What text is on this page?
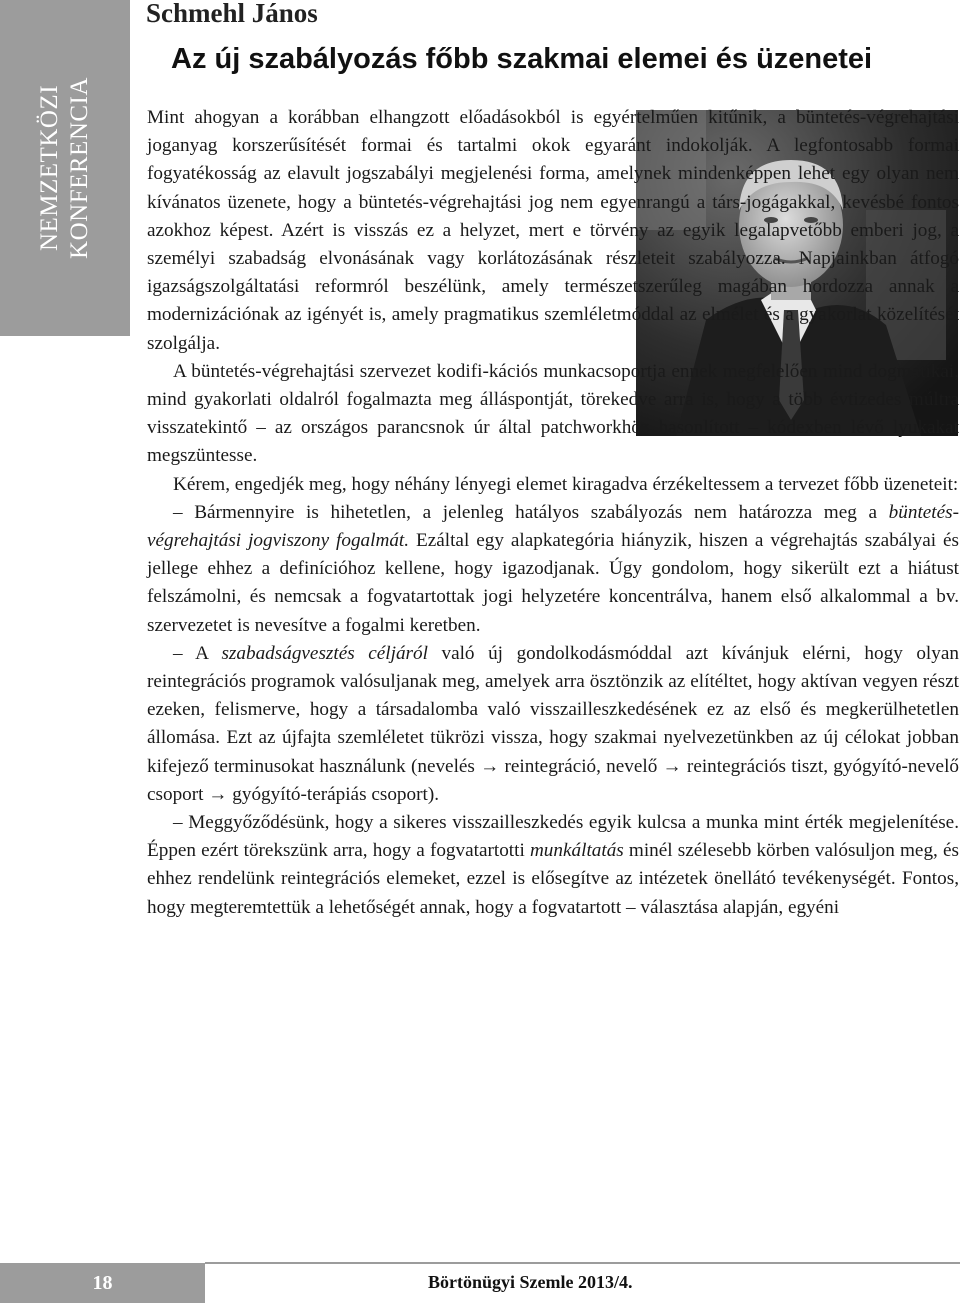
NEMZETKÖZI KONFERENCIA
Schmehl János
Az új szabályozás főbb szakmai elemei és üzenetei

Mint ahogyan a korábban elhangzott előadásokból is egyértelműen kitűnik, a büntetés-végrehajtási joganyag korszerűsítését formai és tartalmi okok egyaránt indokolják. A legfontosabb formai fogyatékosság az elavult jogszabályi megjelenési forma, amelynek mindenképpen lehet egy olyan nem kívánatos üzenete, hogy a büntetés-végrehajtási jog nem egyenrangú a társ-jogágakkal, kevésbé fontos azokhoz képest. Azért is visszás ez a helyzet, mert e törvény az egyik legalapvetőbb emberi jog, a személyi szabadság elvonásának vagy korlátozásának részleteit szabályozza. Napjainkban átfogó igazságszolgáltatási reformról beszélünk, amely természetszerűleg magában hordozza annak a modernizációnak az igényét is, amely pragmatikus szemléletmóddal az elmélet és a gyakorlat közelítését szolgálja.

A büntetés-végrehajtási szervezet kodifi-kációs munkacsoportja ennek megfelelően mind dogmatikai, mind gyakorlati oldalról fogalmazta meg álláspontját, törekedve arra is, hogy a több évtizedes múltra visszatekintő – az országos parancsnok úr által patchworkhöz hasonlított – kódexben lévő lyukakat megszüntesse.

Kérem, engedjék meg, hogy néhány lényegi elemet kiragadva érzékeltessem a tervezet főbb üzeneteit:

– Bármennyire is hihetetlen, a jelenleg hatályos szabályozás nem határozza meg a büntetés-végrehajtási jogviszony fogalmát. Ezáltal egy alapkategória hiányzik, hiszen a végrehajtás szabályai és jellege ehhez a definícióhoz kellene, hogy igazodjanak. Úgy gondolom, hogy sikerült ezt a hiátust felszámolni, és nemcsak a fogvatartottak jogi helyzetére koncentrálva, hanem első alkalommal a bv. szervezetet is nevesítve a fogalmi keretben.

– A szabadságvesztés céljáról való új gondolkodásmóddal azt kívánjuk elérni, hogy olyan reintegrációs programok valósuljanak meg, amelyek arra ösztönzik az elítéltet, hogy aktívan vegyen részt ezeken, felismerve, hogy a társadalomba való visszailleszkedésének ez az első és megkerülhetetlen állomása. Ezt az újfajta szemléletet tükrözi vissza, hogy szakmai nyelvezetünkben az új célokat jobban kifejező terminusokat használunk (nevelés → reintegráció, nevelő → reintegrációs tiszt, gyógyító-nevelő csoport → gyógyító-terápiás csoport).

– Meggyőződésünk, hogy a sikeres visszailleszkedés egyik kulcsa a munka mint érték megjelenítése. Éppen ezért törekszünk arra, hogy a fogvatartotti munkáltatás minél szélesebb körben valósuljon meg, és ehhez rendelünk reintegrációs elemeket, ezzel is elősegítve az intézetek önellátó tevékenységét. Fontos, hogy megteremtettük a lehetőségét annak, hogy a fogvatartott – választása alapján, egyéni

18	Börtönügyi Szemle 2013/4.
